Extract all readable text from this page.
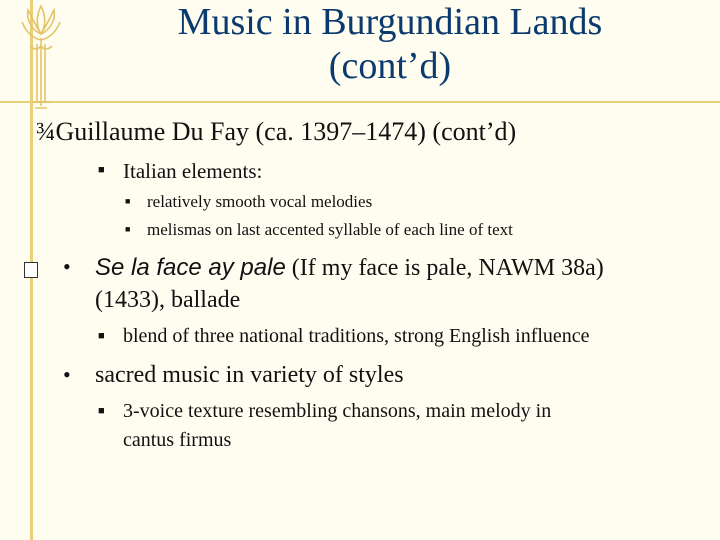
Music in Burgundian Lands
(cont’d)
¾Guillaume Du Fay (ca. 1397–1474) (cont’d)
■ Italian elements:
■ relatively smooth vocal melodies
■ melismas on last accented syllable of each line of text
• Se la face ay pale (If my face is pale, NAWM 38a)
(1433), ballade
■ blend of three national traditions, strong English influence
• sacred music in variety of styles
■ 3-voice texture resembling chansons, main melody in
cantus firmus
